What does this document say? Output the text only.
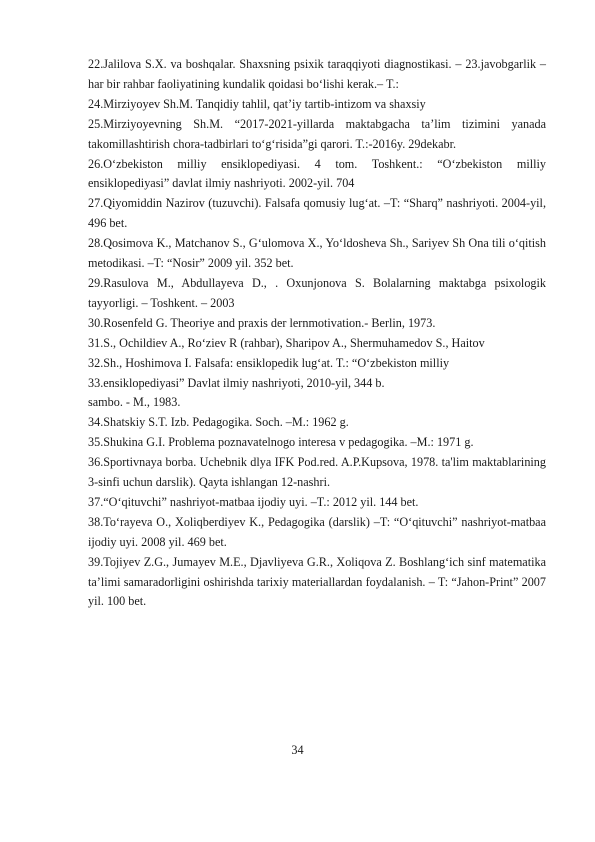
22.Jalilova S.X. va boshqalar. Shaxsning psixik taraqqiyoti diagnostikasi. – 23.javobgarlik – har bir rahbar faoliyatining kundalik qoidasi bo‘lishi kerak.– T.:

24.Mirziyoyev Sh.M. Tanqidiy tahlil, qat’iy tartib-intizom va shaxsiy

25.Mirziyoyevning Sh.M. “2017-2021-yillarda maktabgacha ta’lim tizimini yanada takomillashtirish chora-tadbirlari to‘g‘risida”gi qarori. T.:-2016y. 29dekabr.

26.O‘zbekiston milliy ensiklopediyasi. 4 tom. Toshkent.: “O‘zbekiston milliy ensiklopediyasi” davlat ilmiy nashriyoti. 2002-yil. 704

27.Qiyomiddin Nazirov (tuzuvchi). Falsafa qomusiy lug‘at. –T: “Sharq” nashriyoti. 2004-yil, 496 bet.

28.Qosimova K., Matchanov S., G‘ulomova X., Yo‘ldosheva Sh., Sariyev Sh Ona tili o‘qitish metodikasi. –T: “Nosir” 2009 yil. 352 bet.

29.Rasulova M., Abdullayeva D., . Oxunjonova S. Bolalarning maktabga psixologik tayyorligi. – Toshkent. – 2003

30.Rosenfeld G. Theoriye and praxis der lernmotivation.- Berlin, 1973.

31.S., Ochildiev A., Ro‘ziev R (rahbar), Sharipov A., Shermuhamedov S., Haitov

32.Sh., Hoshimova I. Falsafa: ensiklopedik lug‘at. T.: “O‘zbekiston milliy

33.ensiklopediyasi” Davlat ilmiy nashriyoti, 2010-yil, 344 b.

sambo. - M., 1983.

34.Shatskiy S.T. Izb. Pedagogika. Soch. –M.: 1962 g.

35.Shukina G.I. Problema poznavatelnogo interesa v pedagogika. –M.: 1971 g.

36.Sportivnaya borba. Uchebnik dlya IFK Pod.red. A.P.Kupsova, 1978. ta'lim maktablarining 3-sinfi uchun darslik). Qayta ishlangan 12-nashri.

37.“O‘qituvchi” nashriyot-matbaa ijodiy uyi. –T.: 2012 yil. 144 bet.

38.To‘rayeva O., Xoliqberdiyev K., Pedagogika (darslik) –T: “O‘qituvchi” nashriyot-matbaa ijodiy uyi. 2008 yil. 469 bet.

39.Tojiyev Z.G., Jumayev M.E., Djavliyeva G.R., Xoliqova Z. Boshlang‘ich sinf matematika ta’limi samaradorligini oshirishda tarixiy materiallardan foydalanish. – T: “Jahon-Print” 2007 yil. 100 bet.

34
